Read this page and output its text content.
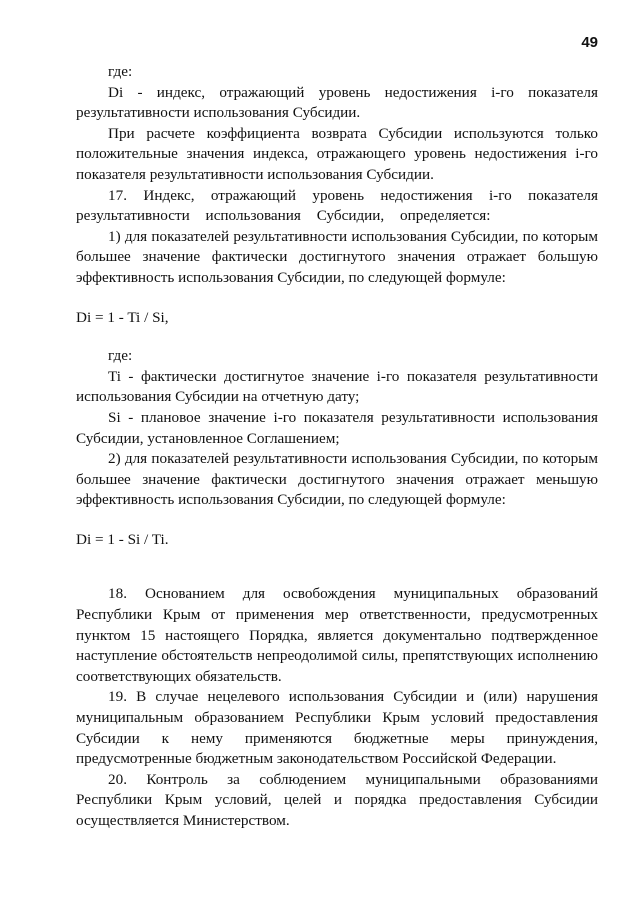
49

где:

Di - индекс, отражающий уровень недостижения i-го показателя результативности использования Субсидии.

При расчете коэффициента возврата Субсидии используются только положительные значения индекса, отражающего уровень недостижения i-го показателя результативности использования Субсидии.

17. Индекс, отражающий уровень недостижения i-го показателя результативности использования Субсидии, определяется:

1) для показателей результативности использования Субсидии, по которым большее значение фактически достигнутого значения отражает большую эффективность использования Субсидии, по следующей формуле:

Di = 1 - Ti / Si,

где:

Ti - фактически достигнутое значение i-го показателя результативности использования Субсидии на отчетную дату;

Si - плановое значение i-го показателя результативности использования Субсидии, установленное Соглашением;

2) для показателей результативности использования Субсидии, по которым большее значение фактически достигнутого значения отражает меньшую эффективность использования Субсидии, по следующей формуле:

Di = 1 - Si / Ti.

18. Основанием для освобождения муниципальных образований Республики Крым от применения мер ответственности, предусмотренных пунктом 15 настоящего Порядка, является документально подтвержденное наступление обстоятельств непреодолимой силы, препятствующих исполнению соответствующих обязательств.

19. В случае нецелевого использования Субсидии и (или) нарушения муниципальным образованием Республики Крым условий предоставления Субсидии к нему применяются бюджетные меры принуждения, предусмотренные бюджетным законодательством Российской Федерации.

20. Контроль за соблюдением муниципальными образованиями Республики Крым условий, целей и порядка предоставления Субсидии осуществляется Министерством.
